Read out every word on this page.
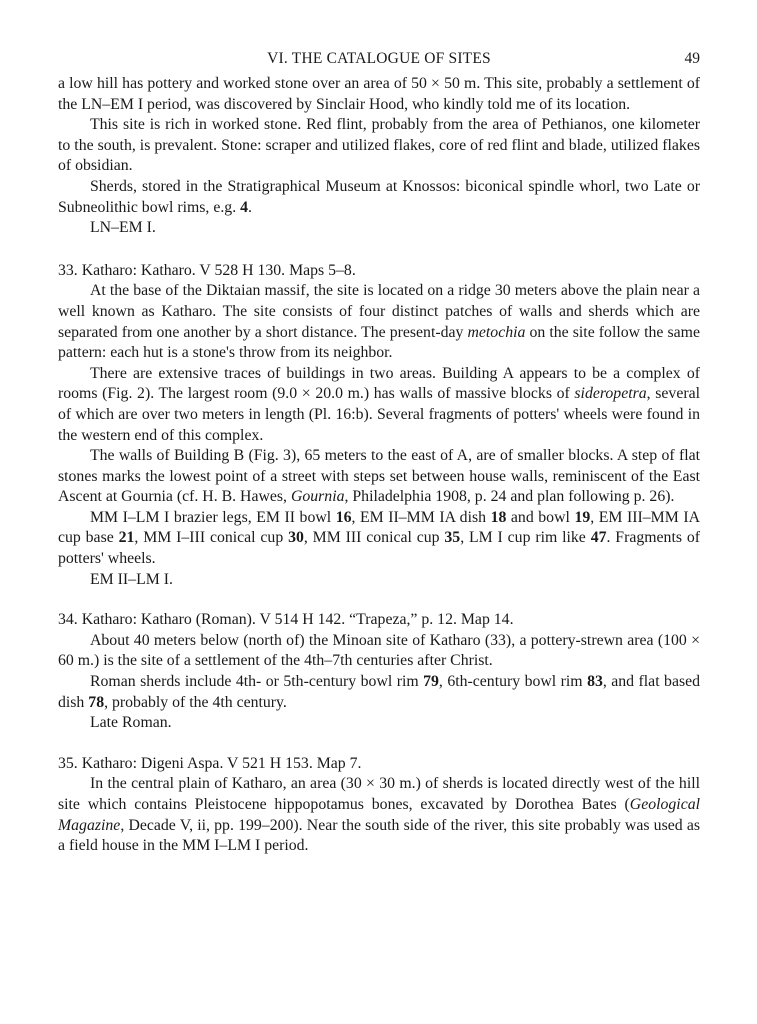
VI. THE CATALOGUE OF SITES	49

a low hill has pottery and worked stone over an area of 50 × 50 m. This site, probably a settlement of the LN–EM I period, was discovered by Sinclair Hood, who kindly told me of its location.

This site is rich in worked stone. Red flint, probably from the area of Pethianos, one kilometer to the south, is prevalent. Stone: scraper and utilized flakes, core of red flint and blade, utilized flakes of obsidian.

Sherds, stored in the Stratigraphical Museum at Knossos: biconical spindle whorl, two Late or Subneolithic bowl rims, e.g. 4.

LN–EM I.

33. Katharo: Katharo. V 528 H 130. Maps 5–8.

At the base of the Diktaian massif, the site is located on a ridge 30 meters above the plain near a well known as Katharo. The site consists of four distinct patches of walls and sherds which are separated from one another by a short distance. The present-day metochia on the site follow the same pattern: each hut is a stone's throw from its neighbor.

There are extensive traces of buildings in two areas. Building A appears to be a complex of rooms (Fig. 2). The largest room (9.0 × 20.0 m.) has walls of massive blocks of sideropetra, several of which are over two meters in length (Pl. 16:b). Several fragments of potters' wheels were found in the western end of this complex.

The walls of Building B (Fig. 3), 65 meters to the east of A, are of smaller blocks. A step of flat stones marks the lowest point of a street with steps set between house walls, reminiscent of the East Ascent at Gournia (cf. H. B. Hawes, Gournia, Philadelphia 1908, p. 24 and plan following p. 26).

MM I–LM I brazier legs, EM II bowl 16, EM II–MM IA dish 18 and bowl 19, EM III–MM IA cup base 21, MM I–III conical cup 30, MM III conical cup 35, LM I cup rim like 47. Fragments of potters' wheels.

EM II–LM I.

34. Katharo: Katharo (Roman). V 514 H 142. “Trapeza,” p. 12. Map 14.

About 40 meters below (north of) the Minoan site of Katharo (33), a pottery-strewn area (100 × 60 m.) is the site of a settlement of the 4th–7th centuries after Christ.

Roman sherds include 4th- or 5th-century bowl rim 79, 6th-century bowl rim 83, and flat based dish 78, probably of the 4th century.

Late Roman.

35. Katharo: Digeni Aspa. V 521 H 153. Map 7.

In the central plain of Katharo, an area (30 × 30 m.) of sherds is located directly west of the hill site which contains Pleistocene hippopotamus bones, excavated by Dorothea Bates (Geological Magazine, Decade V, ii, pp. 199–200). Near the south side of the river, this site probably was used as a field house in the MM I–LM I period.
